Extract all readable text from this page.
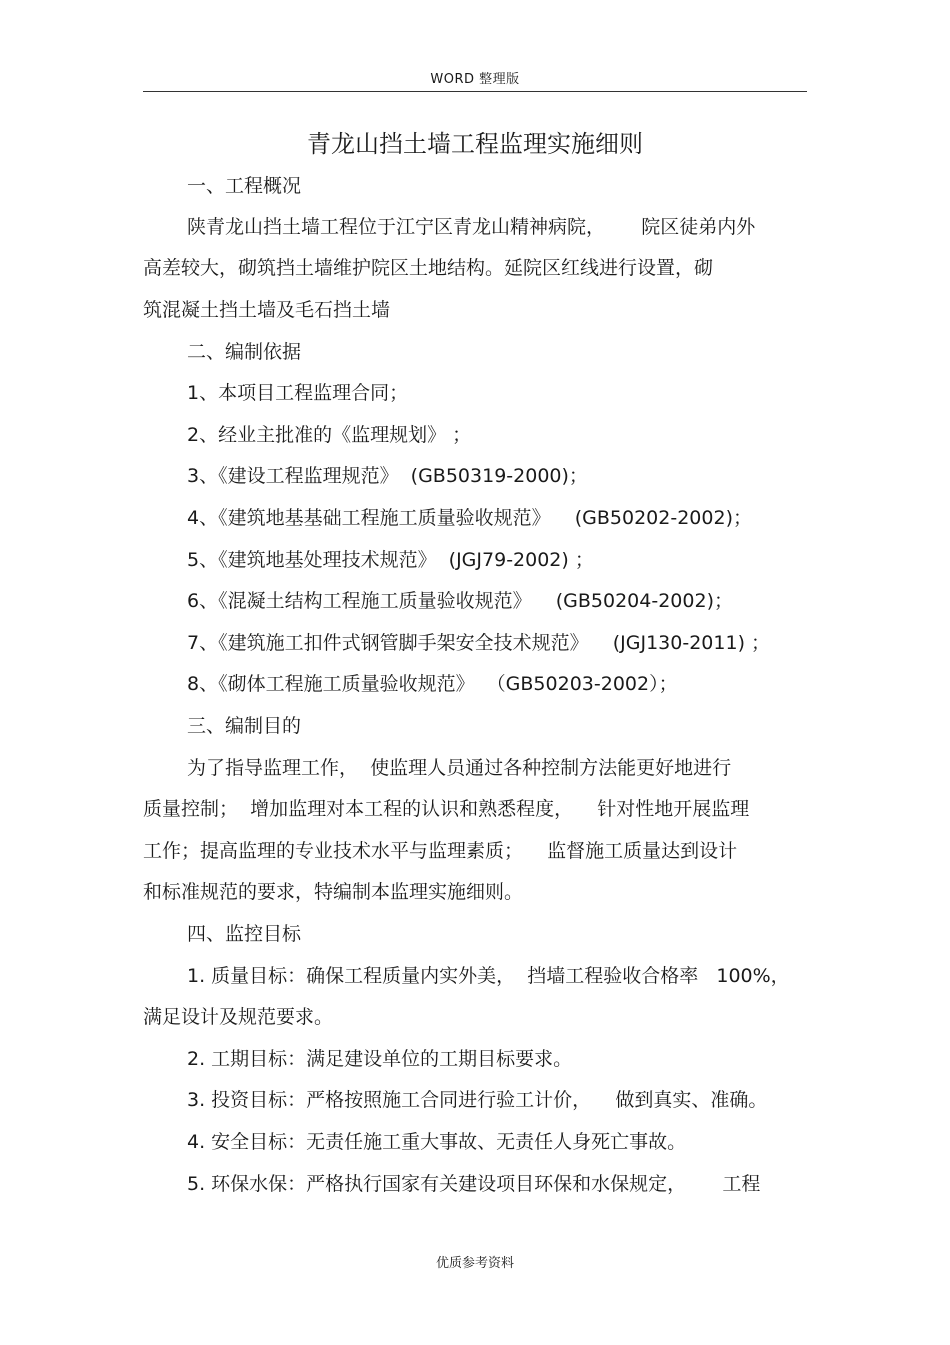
WORD 整理版
青龙山挡土墙工程监理实施细则
一、工程概况
陕青龙山挡土墙工程位于江宁区青龙山精神病院，      院区徒弟内外
高差较大，砌筑挡土墙维护院区土地结构。延院区红线进行设置，砌
筑混凝土挡土墙及毛石挡土墙
二、编制依据
1、本项目工程监理合同；
2、经业主批准的《监理规划》 ；
3、《建设工程监理规范》  (GB50319-2000)；
4、《建筑地基基础工程施工质量验收规范》    (GB50202-2002)；
5、《建筑地基处理技术规范》  (JGJ79-2002) ；
6、《混凝土结构工程施工质量验收规范》    (GB50204-2002)；
7、《建筑施工扣件式钢管脚手架安全技术规范》    (JGJ130-2011) ；
8、《砌体工程施工质量验收规范》  （GB50203-2002）；
三、编制目的
为了指导监理工作，  使监理人员通过各种控制方法能更好地进行
质量控制；  增加监理对本工程的认识和熟悉程度，    针对性地开展监理
工作；提高监理的专业技术水平与监理素质；    监督施工质量达到设计
和标准规范的要求，特编制本监理实施细则。
四、监控目标
1. 质量目标：确保工程质量内实外美，  挡墙工程验收合格率   100%，
满足设计及规范要求。
2. 工期目标：满足建设单位的工期目标要求。
3. 投资目标：严格按照施工合同进行验工计价，    做到真实、准确。
4. 安全目标：无责任施工重大事故、无责任人身死亡事故。
5. 环保水保：严格执行国家有关建设项目环保和水保规定，      工程
优质参考资料
